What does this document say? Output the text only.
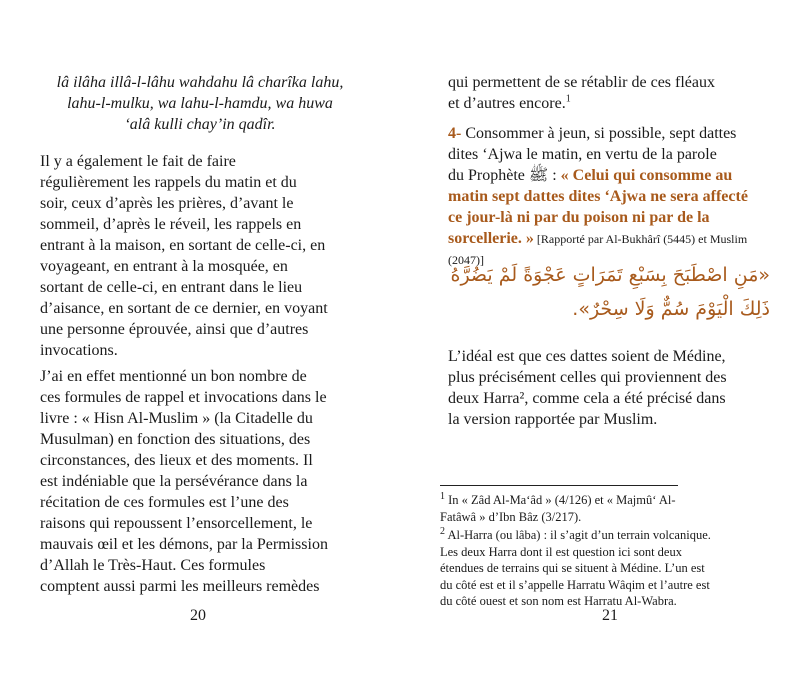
lâ ilâha illâ-l-lâhu wahdahu lâ charîka lahu,
lahu-l-mulku, wa lahu-l-hamdu, wa huwa
‘alâ kulli chay’in qadîr.
Il y a également le fait de faire
régulièrement les rappels du matin et du
soir, ceux d’après les prières, d’avant le
sommeil, d’après le réveil, les rappels en
entrant à la maison, en sortant de celle-ci, en
voyageant, en entrant à la mosquée, en
sortant de celle-ci, en entrant dans le lieu
d’aisance, en sortant de ce dernier, en voyant
une personne éprouvée, ainsi que d’autres
invocations.
J’ai en effet mentionné un bon nombre de
ces formules de rappel et invocations dans le
livre : « Hisn Al-Muslim » (la Citadelle du
Musulman) en fonction des situations, des
circonstances, des lieux et des moments. Il
est indéniable que la persévérance dans la
récitation de ces formules est l’une des
raisons qui repoussent l’ensorcellement, le
mauvais œil et les démons, par la Permission
d’Allah le Très-Haut. Ces formules
comptent aussi parmi les meilleurs remèdes
20
qui permettent de se rétablir de ces fléaux
et d’autres encore.$^1$
4- Consommer à jeun, si possible, sept dattes
dites ‘Ajwa le matin, en vertu de la parole
du Prophète ﷺ : « Celui qui consomme au
matin sept dattes dites ‘Ajwa ne sera affecté
ce jour-là ni par du poison ni par de la
sorcellerie. » [Rapporté par Al-Bukhârî (5445) et Muslim
(2047)]
«مَنِ اصْطَبَحَ بِسَبْعِ تَمَرَاتٍ عَجْوَةً لَمْ يَضُرَّهُ ذَلِكَ الْيَوْمَ سُمٌّ وَلَا سِحْرٌ».
L’idéal est que ces dattes soient de Médine,
plus précisément celles qui proviennent des
deux Harra², comme cela a été précisé dans
la version rapportée par Muslim.
$^1$ In « Zâd Al-Ma‘âd » (4/126) et « Majmû‘ Al-
Fatâwâ » d’Ibn Bâz (3/217).
$^2$ Al-Harra (ou lâba) : il s’agit d’un terrain volcanique.
Les deux Harra dont il est question ici sont deux
étendues de terrains qui se situent à Médine. L’un est
du côté est et il s’appelle Harratu Wâqim et l’autre est
du côté ouest et son nom est Harratu Al-Wabra.
21
